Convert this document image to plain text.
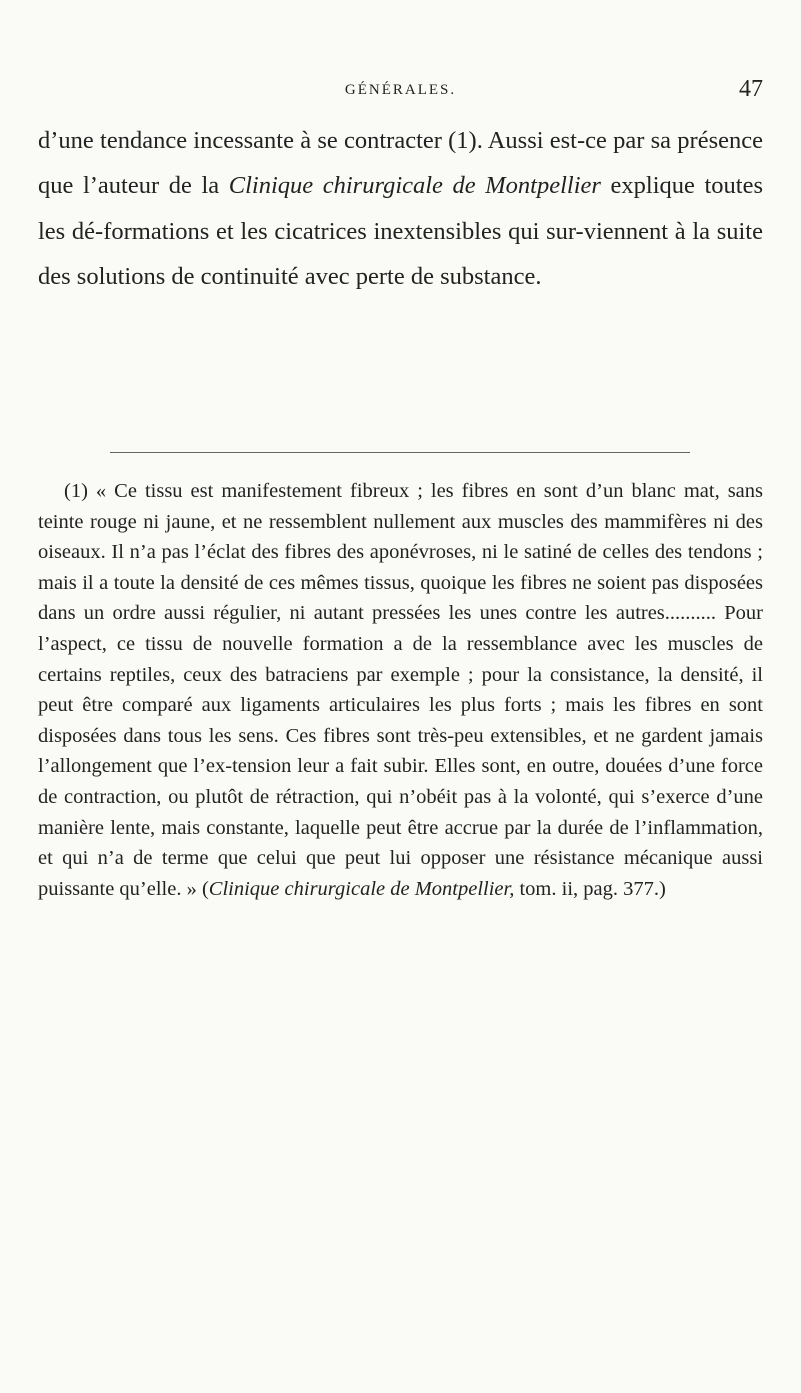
GÉNÉRALES.	47

d’une tendance incessante à se contracter (1). Aussi est-ce par sa présence que l’auteur de la Clinique chirurgicale de Montpellier explique toutes les dé-formations et les cicatrices inextensibles qui sur-viennent à la suite des solutions de continuité avec perte de substance.

(1) « Ce tissu est manifestement fibreux ; les fibres en sont d’un blanc mat, sans teinte rouge ni jaune, et ne ressemblent nullement aux muscles des mammifères ni des oiseaux. Il n’a pas l’éclat des fibres des aponévroses, ni le satiné de celles des tendons ; mais il a toute la densité de ces mêmes tissus, quoique les fibres ne soient pas disposées dans un ordre aussi régulier, ni autant pressées les unes contre les autres.......... Pour l’aspect, ce tissu de nouvelle formation a de la ressemblance avec les muscles de certains reptiles, ceux des batraciens par exemple ; pour la consistance, la densité, il peut être comparé aux ligaments articulaires les plus forts ; mais les fibres en sont disposées dans tous les sens. Ces fibres sont très-peu extensibles, et ne gardent jamais l’allongement que l’ex-tension leur a fait subir. Elles sont, en outre, douées d’une force de contraction, ou plutôt de rétraction, qui n’obéit pas à la volonté, qui s’exerce d’une manière lente, mais constante, laquelle peut être accrue par la durée de l’inflammation, et qui n’a de terme que celui que peut lui opposer une résistance mécanique aussi puissante qu’elle. » (Clinique chirurgicale de Montpellier, tom. ii, pag. 377.)
